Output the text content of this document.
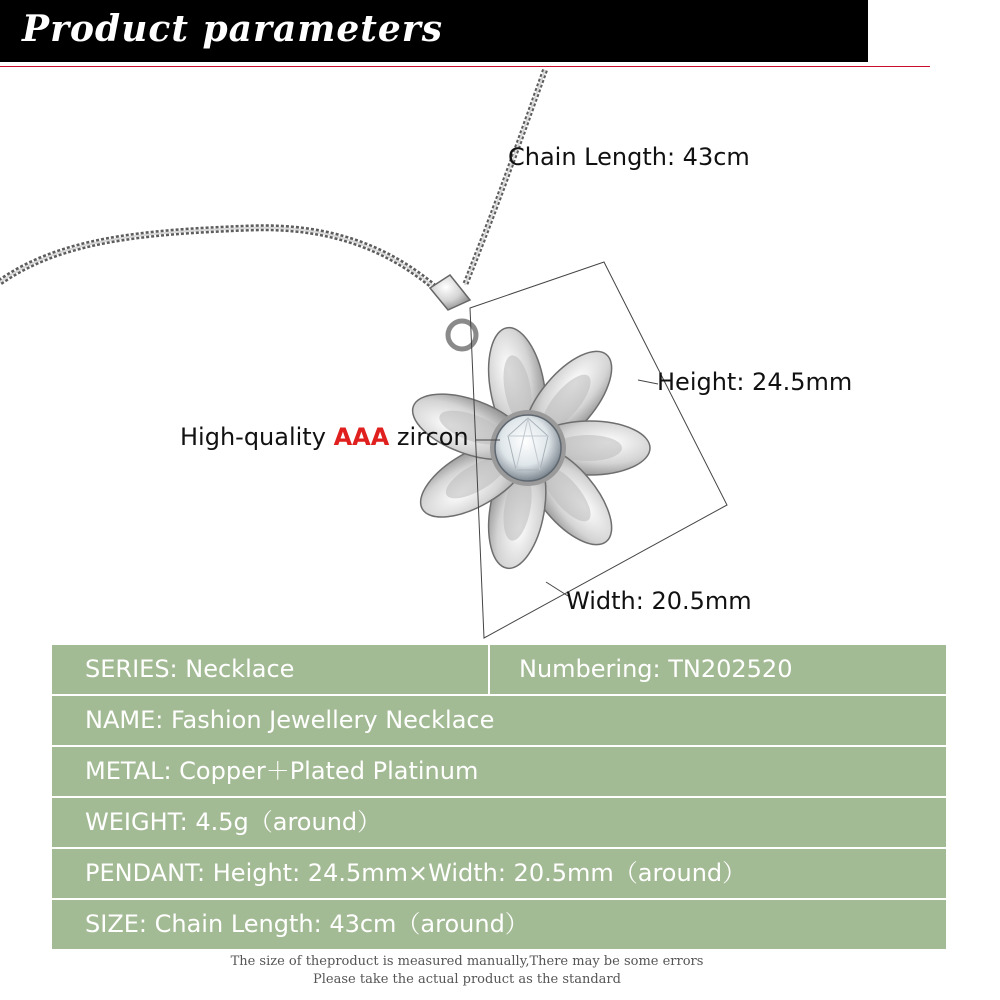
Product parameters
Chain Length: 43cm
Height: 24.5mm
Width: 20.5mm
High-quality AAA zircon
SERIES: Necklace	Numbering: TN202520
NAME: Fashion Jewellery Necklace
METAL: Copper＋Plated Platinum
WEIGHT: 4.5g（around）
PENDANT: Height: 24.5mm×Width: 20.5mm（around）
SIZE: Chain Length: 43cm（around）
The size of theproduct is measured manually,There may be some errors
Please take the actual product as the standard
